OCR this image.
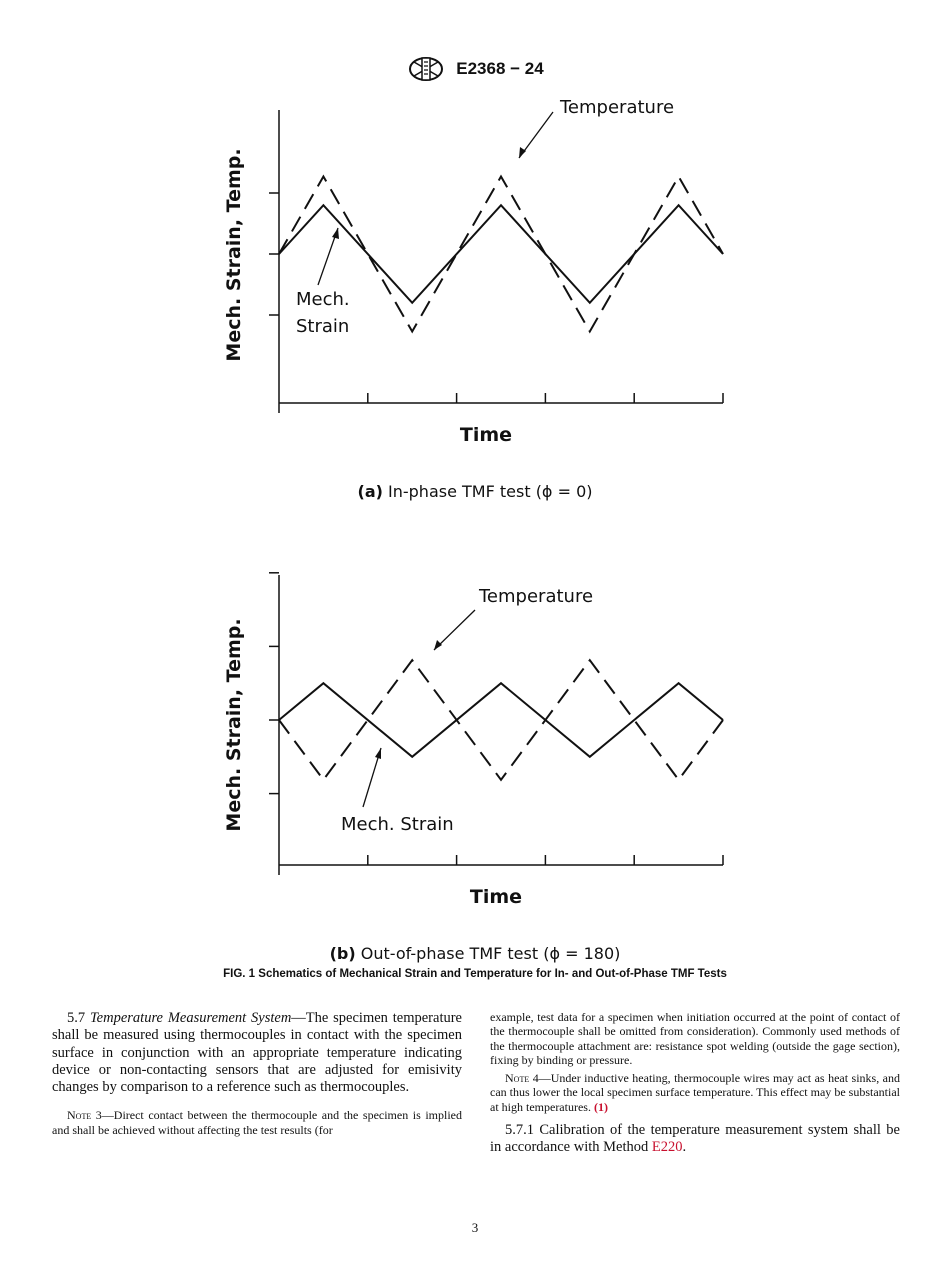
E2368 − 24
Temperature
Mech.
Strain
Time
Mech. Strain, Temp.
(a) In-phase TMF test (ϕ = 0)
Temperature
Mech. Strain
Time
Mech. Strain, Temp.
(b) Out-of-phase TMF test (ϕ = 180)
FIG. 1 Schematics of Mechanical Strain and Temperature for In- and Out-of-Phase TMF Tests

5.7 Temperature Measurement System—The specimen temperature shall be measured using thermocouples in contact with the specimen surface in conjunction with an appropriate temperature indicating device or non-contacting sensors that are adjusted for emisivity changes by comparison to a reference such as thermocouples.

Note 3—Direct contact between the thermocouple and the specimen is implied and shall be achieved without affecting the test results (for

example, test data for a specimen when initiation occurred at the point of contact of the thermocouple shall be omitted from consideration). Commonly used methods of the thermocouple attachment are: resistance spot welding (outside the gage section), fixing by binding or pressure.

Note 4—Under inductive heating, thermocouple wires may act as heat sinks, and can thus lower the local specimen surface temperature. This effect may be substantial at high temperatures. (1)

5.7.1 Calibration of the temperature measurement system shall be in accordance with Method E220.

3
